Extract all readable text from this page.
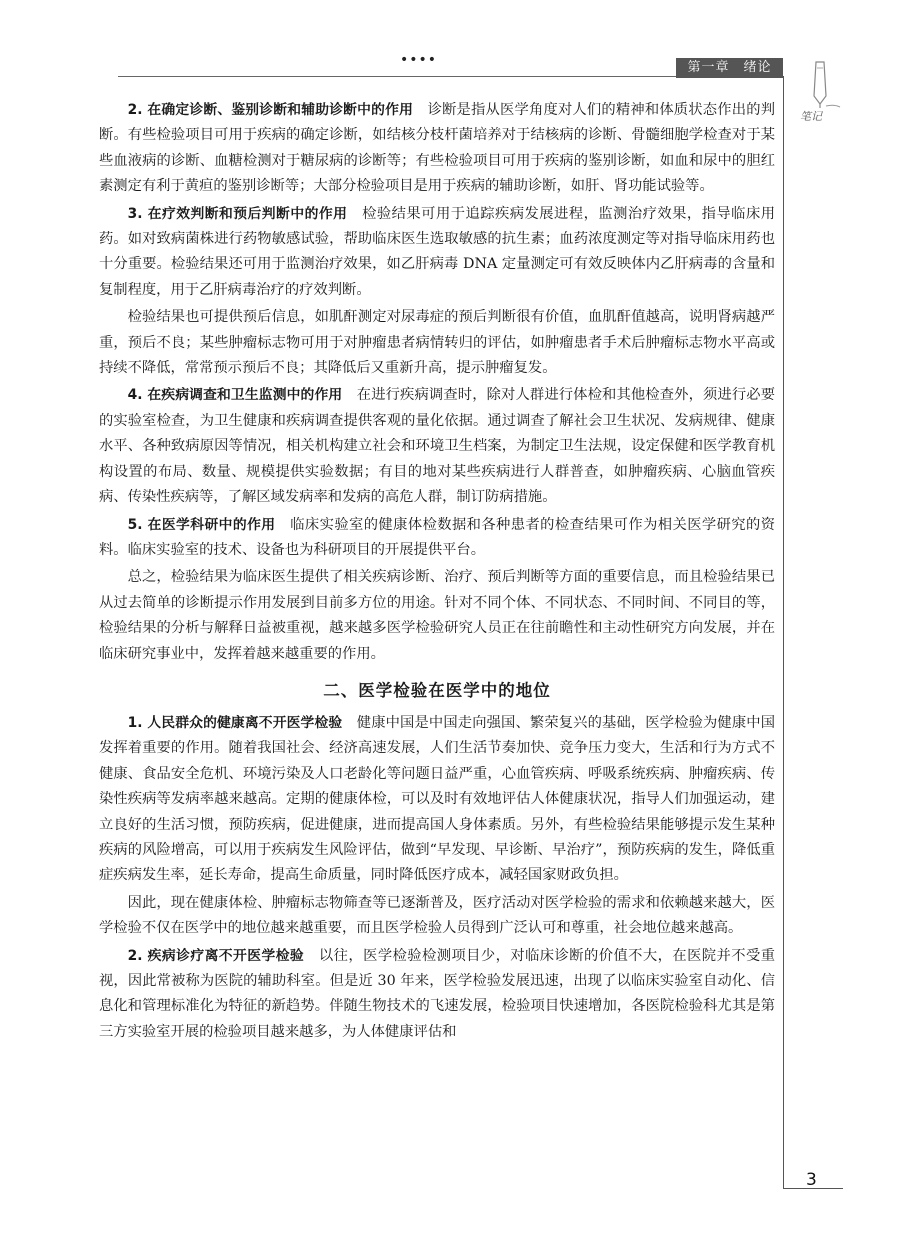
••••	第一章　绪论
笔记
3

2. 在确定诊断、鉴别诊断和辅助诊断中的作用　 诊断是指从医学角度对人们的精神和体质状态作出的判断。有些检验项目可用于疾病的确定诊断，如结核分枝杆菌培养对于结核病的诊断、骨髓细胞学检查对于某些血液病的诊断、血糖检测对于糖尿病的诊断等；有些检验项目可用于疾病的鉴别诊断，如血和尿中的胆红素测定有利于黄疸的鉴别诊断等；大部分检验项目是用于疾病的辅助诊断，如肝、肾功能试验等。

3. 在疗效判断和预后判断中的作用　 检验结果可用于追踪疾病发展进程，监测治疗效果，指导临床用药。如对致病菌株进行药物敏感试验，帮助临床医生选取敏感的抗生素；血药浓度测定等对指导临床用药也十分重要。检验结果还可用于监测治疗效果，如乙肝病毒 DNA 定量测定可有效反映体内乙肝病毒的含量和复制程度，用于乙肝病毒治疗的疗效判断。

检验结果也可提供预后信息，如肌酐测定对尿毒症的预后判断很有价值，血肌酐值越高，说明肾病越严重，预后不良；某些肿瘤标志物可用于对肿瘤患者病情转归的评估，如肿瘤患者手术后肿瘤标志物水平高或持续不降低，常常预示预后不良；其降低后又重新升高，提示肿瘤复发。

4. 在疾病调查和卫生监测中的作用　 在进行疾病调查时，除对人群进行体检和其他检查外，须进行必要的实验室检查，为卫生健康和疾病调查提供客观的量化依据。通过调查了解社会卫生状况、发病规律、健康水平、各种致病原因等情况，相关机构建立社会和环境卫生档案，为制定卫生法规，设定保健和医学教育机构设置的布局、数量、规模提供实验数据；有目的地对某些疾病进行人群普查，如肿瘤疾病、心脑血管疾病、传染性疾病等，了解区域发病率和发病的高危人群，制订防病措施。

5. 在医学科研中的作用　 临床实验室的健康体检数据和各种患者的检查结果可作为相关医学研究的资料。临床实验室的技术、设备也为科研项目的开展提供平台。

总之，检验结果为临床医生提供了相关疾病诊断、治疗、预后判断等方面的重要信息，而且检验结果已从过去简单的诊断提示作用发展到目前多方位的用途。针对不同个体、不同状态、不同时间、不同目的等，检验结果的分析与解释日益被重视，越来越多医学检验研究人员正在往前瞻性和主动性研究方向发展，并在临床研究事业中，发挥着越来越重要的作用。

二、医学检验在医学中的地位

1. 人民群众的健康离不开医学检验　 健康中国是中国走向强国、繁荣复兴的基础，医学检验为健康中国发挥着重要的作用。随着我国社会、经济高速发展，人们生活节奏加快、竞争压力变大，生活和行为方式不健康、食品安全危机、环境污染及人口老龄化等问题日益严重，心血管疾病、呼吸系统疾病、肿瘤疾病、传染性疾病等发病率越来越高。定期的健康体检，可以及时有效地评估人体健康状况，指导人们加强运动，建立良好的生活习惯，预防疾病，促进健康，进而提高国人身体素质。另外，有些检验结果能够提示发生某种疾病的风险增高，可以用于疾病发生风险评估，做到“早发现、早诊断、早治疗”，预防疾病的发生，降低重症疾病发生率，延长寿命，提高生命质量，同时降低医疗成本，减轻国家财政负担。

因此，现在健康体检、肿瘤标志物筛查等已逐渐普及，医疗活动对医学检验的需求和依赖越来越大，医学检验不仅在医学中的地位越来越重要，而且医学检验人员得到广泛认可和尊重，社会地位越来越高。

2. 疾病诊疗离不开医学检验　 以往，医学检验检测项目少，对临床诊断的价值不大，在医院并不受重视，因此常被称为医院的辅助科室。但是近 30 年来，医学检验发展迅速，出现了以临床实验室自动化、信息化和管理标准化为特征的新趋势。伴随生物技术的飞速发展，检验项目快速增加，各医院检验科尤其是第三方实验室开展的检验项目越来越多，为人体健康评估和
